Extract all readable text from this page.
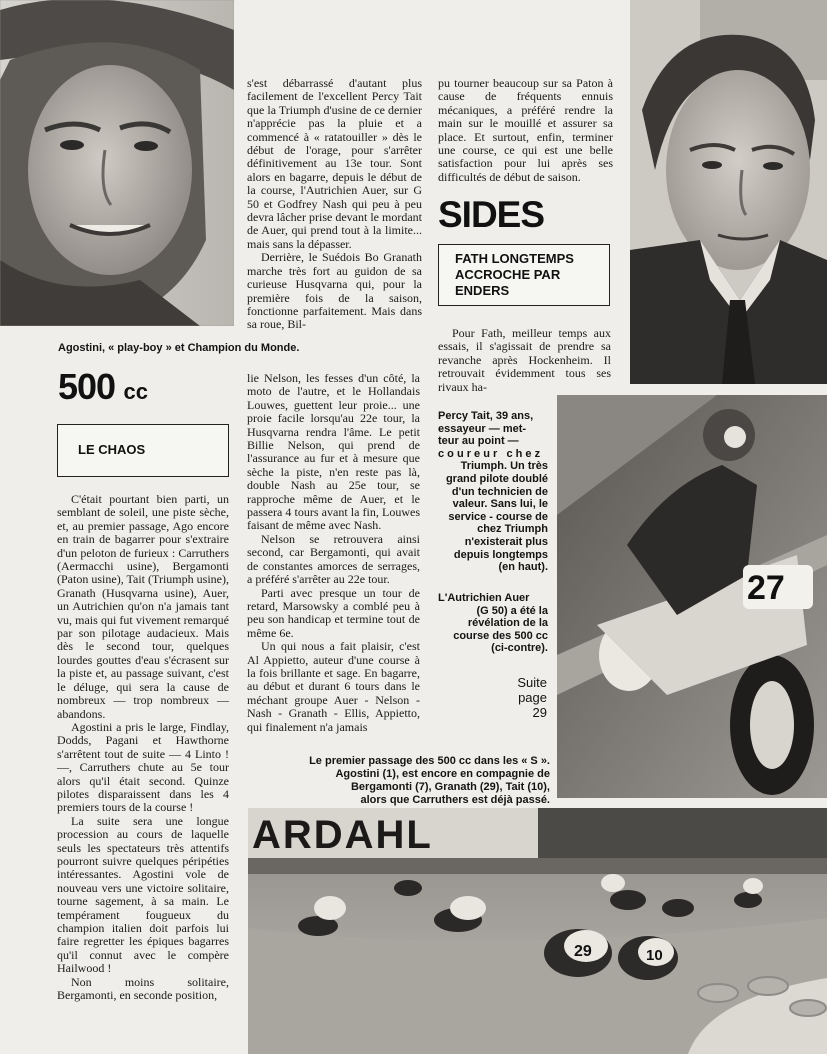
s'est débarrassé d'autant plus facilement de l'excellent Percy Tait que la Triumph d'usine de ce dernier n'apprécie pas la pluie et a commencé à « ratatouiller » dès le début de l'orage, pour s'arrêter définitivement au 13e tour. Sont alors en bagarre, depuis le début de la course, l'Autrichien Auer, sur G 50 et Godfrey Nash qui peu à peu devra lâcher prise devant le mordant de Auer, qui prend tout à la limite... mais sans la dépasser.

Derrière, le Suédois Bo Granath marche très fort au guidon de sa curieuse Husqvarna qui, pour la première fois de la saison, fonctionne parfaitement. Mais dans sa roue, Bil-

pu tourner beaucoup sur sa Paton à cause de fréquents ennuis mécaniques, a préféré rendre la main sur le mouillé et assurer sa place. Et surtout, enfin, terminer une course, ce qui est une belle satisfaction pour lui après ses difficultés de début de saison.

SIDES
FATH LONGTEMPS
ACCROCHE PAR
ENDERS
Agostini, « play-boy » et Champion du Monde.
500 cc
LE CHAOS

C'était pourtant bien parti, un semblant de soleil, une piste sèche, et, au premier passage, Ago encore en train de bagarrer pour s'extraire d'un peloton de furieux : Carruthers (Aermacchi usine), Bergamonti (Paton usine), Tait (Triumph usine), Granath (Husqvarna usine), Auer, un Autrichien qu'on n'a jamais tant vu, mais qui fut vivement remarqué par son pilotage audacieux. Mais dès le second tour, quelques lourdes gouttes d'eau s'écrasent sur la piste et, au passage suivant, c'est le déluge, qui sera la cause de nombreux — trop nombreux — abandons.

Agostini a pris le large, Findlay, Dodds, Pagani et Hawthorne s'arrêtent tout de suite — 4 Linto ! —, Carruthers chute au 5e tour alors qu'il était second. Quinze pilotes disparaissent dans les 4 premiers tours de la course !

La suite sera une longue procession au cours de laquelle seuls les spectateurs très attentifs pourront suivre quelques péripéties intéressantes. Agostini vole de nouveau vers une victoire solitaire, tourne sagement, à sa main. Le tempérament fougueux du champion italien doit parfois lui faire regretter les épiques bagarres qu'il connut avec le compère Hailwood !

Non moins solitaire, Bergamonti, en seconde position,

lie Nelson, les fesses d'un côté, la moto de l'autre, et le Hollandais Louwes, guettent leur proie... une proie facile lorsqu'au 22e tour, la Husqvarna rendra l'âme. Le petit Billie Nelson, qui prend de l'assurance au fur et à mesure que sèche la piste, n'en reste pas là, double Nash au 25e tour, se rapproche même de Auer, et le passera 4 tours avant la fin, Louwes faisant de même avec Nash.

Nelson se retrouvera ainsi second, car Bergamonti, qui avait de constantes amorces de serrages, a préféré s'arrêter au 22e tour.

Parti avec presque un tour de retard, Marsowsky a comblé peu à peu son handicap et termine tout de même 6e.

Un qui nous a fait plaisir, c'est Al Appietto, auteur d'une course à la fois brillante et sage. En bagarre, au début et durant 6 tours dans le méchant groupe Auer - Nelson - Nash - Granath - Ellis, Appietto, qui finalement n'a jamais

Pour Fath, meilleur temps aux essais, il s'agissait de prendre sa revanche après Hockenheim. Il retrouvait évidemment tous ses rivaux ha-

Percy Tait, 39 ans,
essayeur — met-
teur au point —
c o u r e u r   c h e z
Triumph. Un très
grand pilote doublé
d'un technicien de
valeur. Sans lui, le
service - course de
chez Triumph
n'existerait plus
depuis longtemps
(en haut).
L'Autrichien Auer
(G 50) a été la
révélation de la
course des 500 cc
(ci-contre).
Suite
page
29
27
Le premier passage des 500 cc dans les « S ».
Agostini (1), est encore en compagnie de
Bergamonti (7), Granath (29), Tait (10),
alors que Carruthers est déjà passé.
ARDAHL
29	10
